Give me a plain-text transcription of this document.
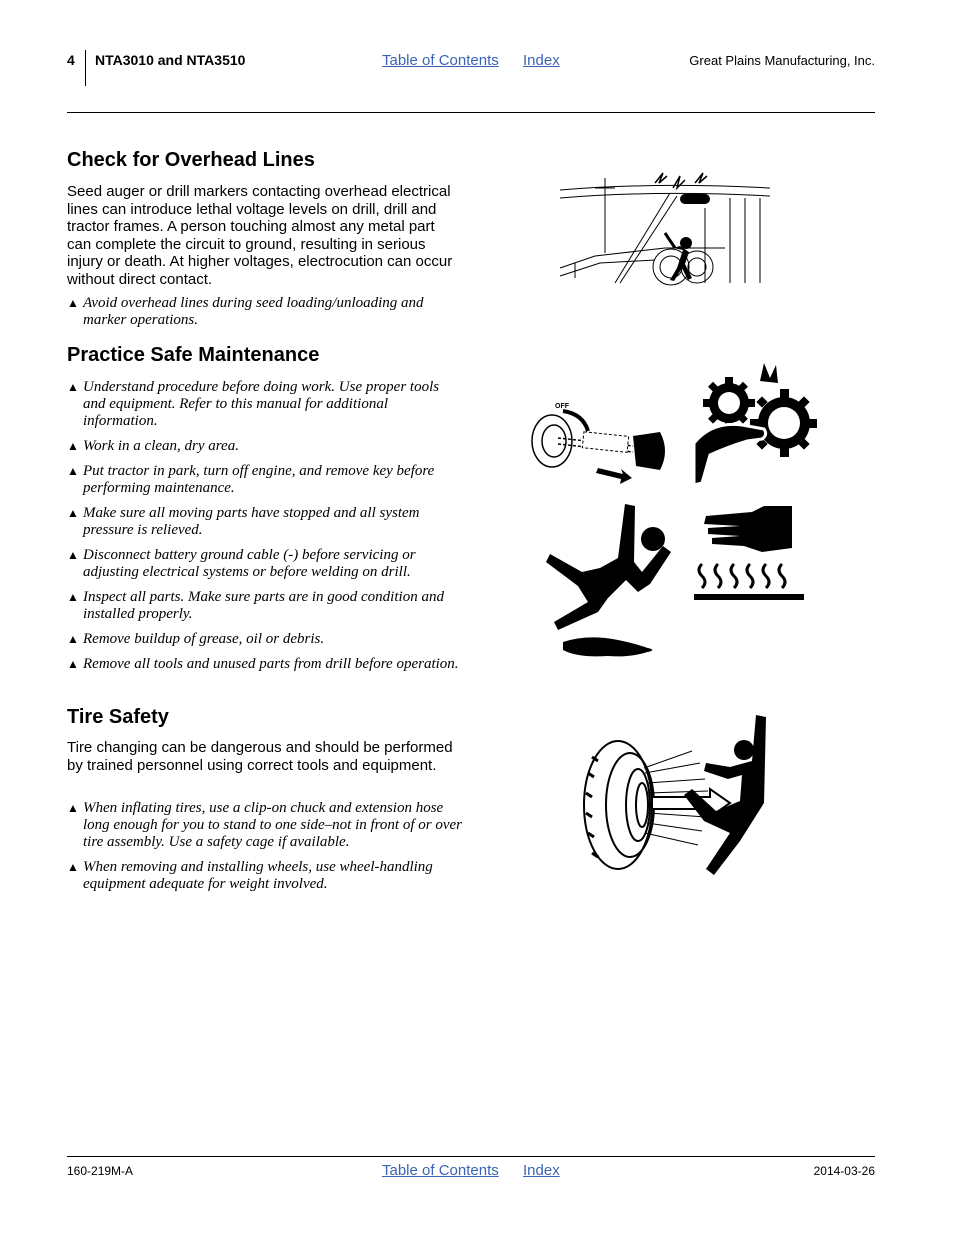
4 NTA3010 and NTA3510	Table of Contents Index	Great Plains Manufacturing, Inc.
Check for Overhead Lines

Seed auger or drill markers contacting overhead electrical lines can introduce lethal voltage levels on drill, drill and tractor frames. A person touching almost any metal part can complete the circuit to ground, resulting in serious injury or death. At higher voltages, electrocution can occur without direct contact.

▲ Avoid overhead lines during seed loading/unloading and marker operations.
Practice Safe Maintenance
▲ Understand procedure before doing work. Use proper tools and equipment. Refer to this manual for additional information.
▲ Work in a clean, dry area.
▲ Put tractor in park, turn off engine, and remove key before performing maintenance.
▲ Make sure all moving parts have stopped and all system pressure is relieved.
▲ Disconnect battery ground cable (-) before servicing or adjusting electrical systems or before welding on drill.
▲ Inspect all parts. Make sure parts are in good condition and installed properly.
▲ Remove buildup of grease, oil or debris.
▲ Remove all tools and unused parts from drill before operation.
Tire Safety

Tire changing can be dangerous and should be performed by trained personnel using correct tools and equipment.

▲ When inflating tires, use a clip-on chuck and extension hose long enough for you to stand to one side–not in front of or over tire assembly. Use a safety cage if available.
▲ When removing and installing wheels, use wheel-handling equipment adequate for weight involved.
OFF
160-219M-A	Table of Contents Index	2014-03-26
